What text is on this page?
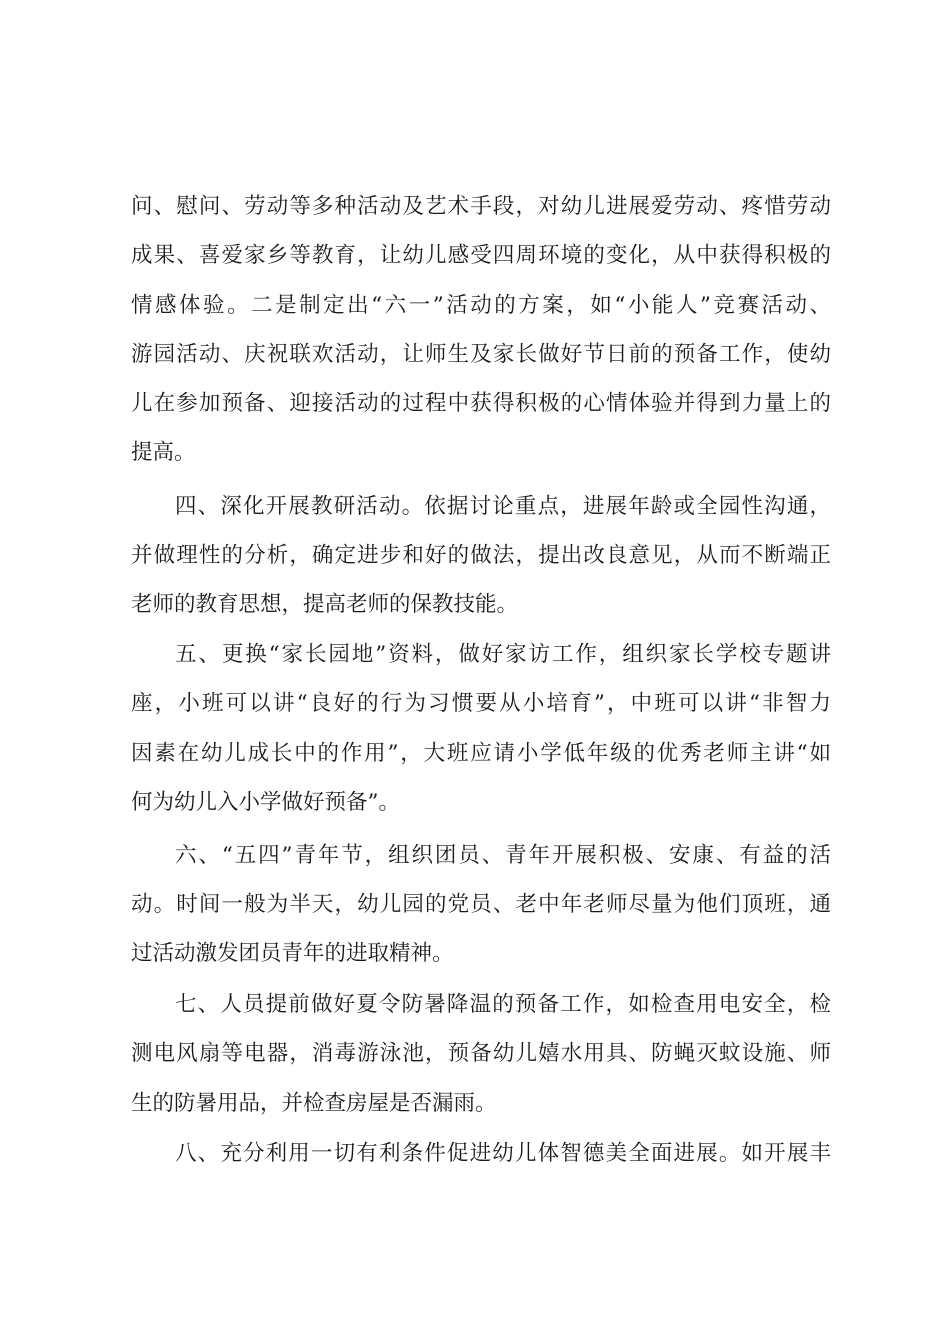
问、慰问、劳动等多种活动及艺术手段，对幼儿进展爱劳动、疼惜劳动
成果、喜爱家乡等教育，让幼儿感受四周环境的变化，从中获得积极的
情感体验。二是制定出“六一”活动的方案，如“小能人”竞赛活动、
游园活动、庆祝联欢活动，让师生及家长做好节日前的预备工作，使幼
儿在参加预备、迎接活动的过程中获得积极的心情体验并得到力量上的
提高。
四、深化开展教研活动。依据讨论重点，进展年龄或全园性沟通，
并做理性的分析，确定进步和好的做法，提出改良意见，从而不断端正
老师的教育思想，提高老师的保教技能。
五、更换“家长园地”资料，做好家访工作，组织家长学校专题讲
座，小班可以讲“良好的行为习惯要从小培育”，中班可以讲“非智力
因素在幼儿成长中的作用”，大班应请小学低年级的优秀老师主讲“如
何为幼儿入小学做好预备”。
六、“五四”青年节，组织团员、青年开展积极、安康、有益的活
动。时间一般为半天，幼儿园的党员、老中年老师尽量为他们顶班，通
过活动激发团员青年的进取精神。
七、人员提前做好夏令防暑降温的预备工作，如检查用电安全，检
测电风扇等电器，消毒游泳池，预备幼儿嬉水用具、防蝇灭蚊设施、师
生的防暑用品，并检查房屋是否漏雨。
八、充分利用一切有利条件促进幼儿体智德美全面进展。如开展丰
